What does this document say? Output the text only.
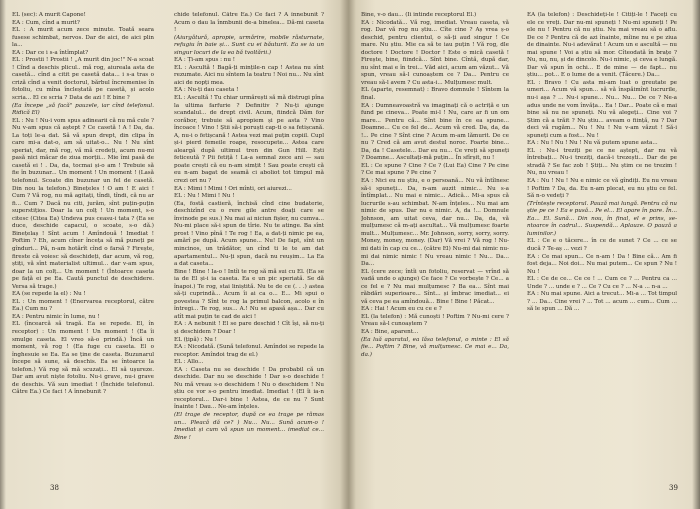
EL (sec): A murit Capone!

EA : Cum, cînd a murit?

EL : A murit acum zece minute. Toată seara fusese schimbat, nervos. Dar de aici, de aici plin la...

EA : Dar ce i s-a întîmplat?

EL : Prostii ! Prostii ! „A murit din joc!" N-a scoat ! Cînd a deschis plicul.. mă rog, aiureala asta de casetă... cînd a citit pe casetă data... i s-a tras o criză cînd a venit doctorul, bărbul încremenise în fotoliu, cu mîna încleștată pe casetă, și acolo scria... El ce scria ? Data de azi ! E bine ?

(Ea începe „să facă" pauzele, iar cînd telefonul. Ridică El)

EL : Nu ! Nu-i vom spus adinearii că nu mă cule ? Nu v-am spus că aștept ? Ce casetă ! A ! Da, da. La toți le-a dat. Să vă spun drept, din clipa în care mi-a dat-o, am să uitat-o... Nu ! Nu sînt speriat, dar, mă rog, vă mă credeți, acum nu-mi pasă nici măcar de ziua morții... Mie îmi pasă de casetă ei ! . Da, da, tocmai și-o am ! Trebuie să fie în buzunar... Un moment ! Un moment ! (Lasă telefonul. Scoate din buzunar un fel de casetă. Din nou la telefon.) Binețeles ! O am ! E aici ! Cum ? Vă rog, nu mă agitați, tîndi, tîndi, că nu ar fi... Cum ? Dacă nu citi, jurăm, sînt puțin-puțin superstițios. Doar la un colț ! Un moment, s-o citesc (Citea Ea) Undeva pus ceasu-i tata ? (Ea se duce, deschide capacul, o scoate, s-o dă.) Binețelaș ! Sînt acum ! Amîndouă ! Imediat ! Poftim ? Eh, acum cîner înceța să mă puneți pe gînduri... Pă, n-am hotărît cînd o farsă ? Firește, fireste că voiesc să deschideți, dar acum, vă rog, știți, vă sînt materialist ultimul... dar v-am spus, doar la un colț... Un moment ! (Întoarce caseta pe față ei pe Ea. Caută punctul de deschidere. Versa să trage.)

EA (se repede la el) : Nu !

EL : Un moment ! (Enervarea receptorul, către Ea.) Cum nu ?

EA : Pentru nimic în lume, nu !

EL (încearcă să tragă. Ea se repede. El, în receptor) : Un moment ! Un moment ! (Ea îi smulge caseta. El vreo să-o prindă.) Încă un moment, vă rog ! (Ea fuge cu caseta. El o înghesuie se Ea. Ea se ține de caseta. Buzunarul începe să sune, să deschis. Ea se întoarce la telefon.) Vă rog să mă scuzați... El să ușureze. Dar am avut niște fotoliu. Nu-i grave, nu-i grave de deschis. Vă sun imediat ! (Închide telefonul. Către Ea.) Ce faci ! A înnebunit ?

chide telefonul. Către Ea.) Ce faci ? A înnebunit ? Acum o dau la înmbunii de-a binelea... Dă-mi caseta !

(Aiurgătură, apropie, urmărire, mobile răsturnate, refugiu în baie și... Sunt cu ei băuturii. Ea se ia un singur locuri de la ea bă tvoltării.)

EA : Ți-am spus : nu !

EL : Ascultă ! Bagă-ți mințile-n cap ! Astea nu sînt rezumate. Aici nu sîntem la teatru ! Noi nu... Nu sînt aici de nopți mea.

EA : Nu-ți dau caseta !

EL : Ascultă ! Tu chiar urmărești să mă distrugi pîna la ultima farfurie ? Definitiv ? Nu-ți ajunge scandalul... de drept civil. Acum, fiindcă Dăm for corăbor, trebuie să apropiem și pe asta ? Vino încoace ! Vino ! Știi să-i poruști cap-ti o sa fetișcană. A, nu-i o fetișcană ! Astea vezi mai puțin copiil. Cupl și-i pierd femeile roape, resocupete... Astea care aleargă după ultimul tren din Gun Hill. Ești feticeută ? Pii fetiță ! La-a semnal zece ani — sau poate crești că eu n-am simțit ! Sau poate crești că eu n-am bagat de seamă ci aboliot tot timpul mă crezi ori nu ?

EA : Mimi ! Mimi ! Ori mînti, ori aiurezi...

EL : Nu ! Mimi ! Nu !

(Ea, fostă castieră, închisă cînd cine budaterie, deschizînd cu o rere gile antre doați care se învinode pe sus.) Nu mai ai niciun fișier, nu cumva... Nu-mi place să-i spun de tîrie. Nu te atinge. Ba sînt prost ! Vino pînă ! Te rog ! Ea, a dat-ți nimic pe ea, amărî pe după. Acum spune... Nu! De fapt, sînt un mincinos, un trădător, un cînd ti le te am dat apartamentul... Nu-ți spun, dacă nu reușim... La Ea a dat caseta...

Bine ! Bine ! Ia-o ! Intîi te rog să mă sui cu El. (Ea se ia de El și-i ia caseta. Ea e un pic speriată. Se dă înapoi.) Te rog, stai liniștită. Nu te de ce (. . .) astea să-ți cuprindă... Acum îi ai ca o... E... Mi spui o povestea ? Sînt te rog la primul balcon, acolo e în întregi... Te rog, sus... A.! Nu se apasă așa... Dar cu atît mai puțin te cad de aici !

EA : A nebunit ! El se pare deschid ! Cît își, să nu-ți și deschidem ? Doar !

EL (țipă) : Nu !

EA : Nicodată. (Sună telefonul. Amîndoi se repede la receptor. Amîndoi trag de el.)

EL : Allo...

EA : Caseta nu se deschide ! Da probabil că un deschide. Dar nu se deschide ! Dar s-o deschide ! Nu mă vreau s-o deschidem ! Nu o deschidem ! Nu știu ce vor s-o pentru imediat. Imediat ! (El îi ia-n receptorul... Dar-i bine ! Astea, de ce nu ? Sunt înainte ! Dau... Ne-am înțeles.

(El trage de receptor, după ce ea trage pe rămas un... Pleacă dă ce? ) Nu... Nu... Sună acum-o ! Imediat și cum vă spun un moment... imediat ce... Bine !

38

Bine, v-o dau... (Îi întinde receptorul El.)

EA : Nicodată... Vă rog, imediat. Vreau caseta, vă rog. Dar vă rog nu știu... Cîte cine ? Aș vrea ș-o deschid, pentru clientul, o să-ți aud singur ! Ce mare. Nu știu. Mie ca să te iau puțin ! Vă rog, dle doctore ! Doctore ! Doctor ! Este o mică casetă ! Firește, bine, fiindcă... Sînt bine. Cîntă, după dar, nu sînt mai e în trei... Văd aici, acum am văzut... Vă spun, vreau să-l cunoaștem ce ? Da... Pentru ce vreau să-l avem ? Cu asta-i... Mulțumesc mult.

EL (aparte, resemnat) : Bravo domnule ! Sîntem la final.

EA : Dumneavoastră va imaginați că o actriță e un fund pe cineva... Poate mi-l ! Nu, care ar fi un om mare... Pentru că... Sînt bine în ce ea spune... Doamne... Cu ce fel de... Acum vă cred. Da, da, da !... Pe cine ? Sînt cine ? Acum m-am lămurit. De ce nu ? Cred că am avut destul noroc. Foarte bine... Da, da ! Casetele... Dar eu nu... Ce vreți să spuneți ? Doamne... Ascultați-mă puțin... În sfîrșit, nu !

EL : Ce spune ? Cine ? Ce ? (Lui Ea) Cine ? Pe cine ? Ce mai spune ? Pe cine ?

EA : Nici eu nu știu, e o persoană... Nu vă întîlnesc să-i spuneți... Da, n-am auzit nimic... Nu s-a întîmplat... Nu mai e nimic... Adică... Mi-a spus că lucrurile s-au schimbat. N-am înțeles... Nu mai am nimic de spus. Dar nu e nimic. A, da !... Domnule Johnson, am uitat ceva, dar nu... Da, da, vă mulțumesc că m-ați ascultat... Vă mulțumesc foarte mult... Mulțumesc... Mr. Johnson, sorry, sorry, sorry. Money, money, money. (Dar) Vă vrei ? Vă rog ! Nu-mi dati în cap cu ce... (către El) Nu-mi dai nimic nu-mi dai nimic nimic ! Nu vreau nimic ! Nu... Da... Da...

EL (cere zece; întîi un fotoliu, reservat — vrînd să vadă unde o ajunge) Ce face ? Ce vorbește ? Ce... a ce fel e ? Nu mai mulțumesc ? Ba ea... Sînt mai răbdări superioare... Sînt... și îmbrac imediat... ei vă ceva pe ea amîndouă... Bine ! Bine ! Păcat...

EA : Hai ! Acum eu cu ce e ?

EL (la telefon) : Mă cunoști ! Poftim ? Nu-mi cere ? Vreau să-l cunoaștem ?

EA : Bine, aparent...

(Ea luă aparatul, ea lăsa telefonul, o minte : El să fie... Poftim ? Bine, vă mulțumesc. Ce mai e... Da, da.)

EA (la telefon) : Deschideți-le ! Citiți-le ! Faceți cu ele ce vreți. Dar nu-mi spuneți ! Nu-mi spuneți ! Pe ele nu ! Pentru că nu știu. Nu mai vreau să o aflu. De ce ? Pentru că de azi înainte, mîine nu e pe ziua de dinainte. Nu-i adevărat ! Acum un e ascultă — nu mai spune ! Voi a știu să mor. Cîteodată în brațe ? Nu, nu, nu, și de dincolo. Nu-i nimic, și ceva e lungă. Dar vă spun în ochi... E de mine — de fapt... nu știu... pot... E o lume de a venit. (Tăcere.) Da...

EL : Bravo ! Cu asta mi-am luat o greutate pe umeri... Acum vă spun... să vă înspăimînt lucrurile, nu-i așa ? ... Nu-i spune... Nu... Nu... De ce ? Ne-a adus unde ne vom învăța... Ea ! Dar... Poate că e mai bine să nu ne spuneți. Nu vă alegeți... Cine voi ? Știm că a trăit ? Nu știu... aveam o ființă, nu ? Dar deci vă rugăm... Nu ! Nu ! Nu v-am văzut ! Să-i spuneți cum a fost... Nu !

EA : Nu ! Nu ! Nu ! Nu vă putem spune asta...

EL : Nu-i treziți pe ce ne aștept, dar nu vă întrebați... Nu-i treziți, dacă-i trezești... Dar de pe stradă ? Se fac zob ! Știți... Nu știm ce ne trezim ! Nu, nu vreau !

EA : Nu ! Nu ! Nu e nimic ce vă gîndiți. Eu nu vreau ! Poftim ? Da, da. Eu n-am plecat, eu nu știu ce fel. Să n-o vedeți ?

(Trîntește receptorul. Pauză mai lungă. Pentru că nu știe pe ce ! Ea e pusă... Pe el... El apare în pare. În... Ea... El. Sună... Din nou, în final, el e prins, se-ntoarce în cadrul... Suspendă... Aplauze. O pauză a luminilor.)

EL : Ce e o tăcere... în ce de sunet ? Ce ... ce se ducă ? Te-aș ... vezi ?

EA : Ce mai spun... Ce n-am ! Da ! Bine că... Am fi fost deja... Noi doi... Nu mai putem... Ce spun ? Nu ! Nu !

EL : Ce de ce... Ce ce ! ... Cum ce ? ... Pentru ca ... Unde ? ... unde e ? ... Ce ? Cu ce ? ... N-a ... n-a ...

EA : Nu mai spune. Aici a trecut... Mi-a ... Tot timpul ? ... Da... Cine vrei ? ... Tot ... acum ... cum... Cum ... să le spun ... Dă ...

39
